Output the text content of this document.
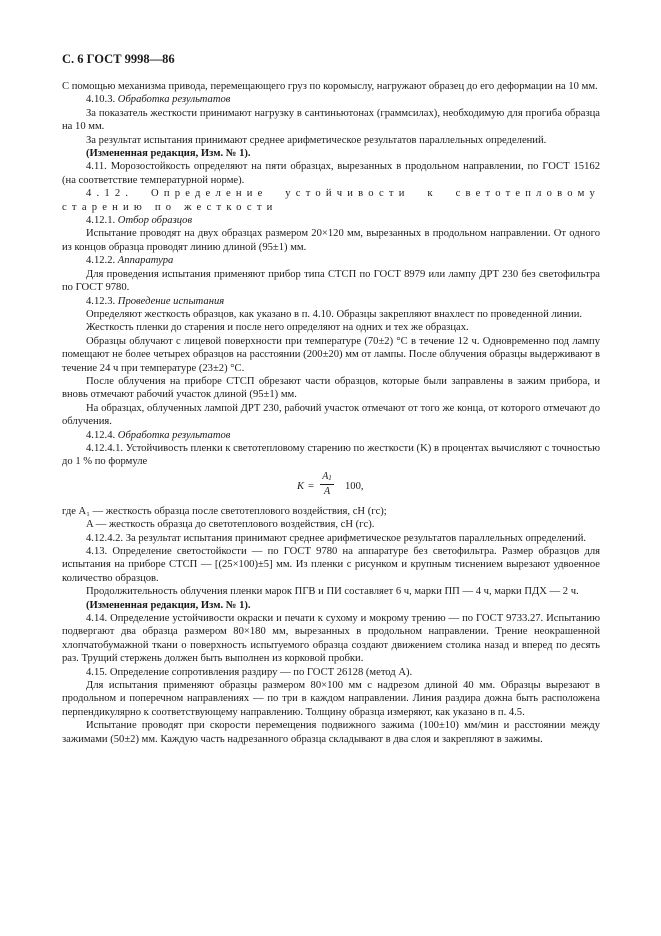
С. 6 ГОСТ 9998—86

С помощью механизма привода, перемещающего груз по коромыслу, нагружают образец до его деформации на 10 мм.

4.10.3. Обработка результатов

За показатель жесткости принимают нагрузку в сантиньютонах (граммсилах), необходимую для прогиба образца на 10 мм.

За результат испытания принимают среднее арифметическое результатов параллельных определений.

(Измененная редакция, Изм. № 1).

4.11. Морозостойкость определяют на пяти образцах, вырезанных в продольном направлении, по ГОСТ 15162 (на соответствие температурной норме).

4.12. Определение устойчивости к светотепловому старению по жесткости

4.12.1. Отбор образцов

Испытание проводят на двух образцах размером 20×120 мм, вырезанных в продольном направлении. От одного из концов образца проводят линию длиной (95±1) мм.

4.12.2. Аппаратура

Для проведения испытания применяют прибор типа СТСП по ГОСТ 8979 или лампу ДРТ 230 без светофильтра по ГОСТ 9780.

4.12.3. Проведение испытания

Определяют жесткость образцов, как указано в п. 4.10. Образцы закрепляют внахлест по проведенной линии.

Жесткость пленки до старения и после него определяют на одних и тех же образцах.

Образцы облучают с лицевой поверхности при температуре (70±2) °С в течение 12 ч. Одновременно под лампу помещают не более четырех образцов на расстоянии (200±20) мм от лампы. После облучения образцы выдерживают в течение 24 ч при температуре (23±2) °С.

После облучения на приборе СТСП обрезают части образцов, которые были заправлены в зажим прибора, и вновь отмечают рабочий участок длиной (95±1) мм.

На образцах, облученных лампой ДРТ 230, рабочий участок отмечают от того же конца, от которого отмечают до облучения.

4.12.4. Обработка результатов

4.12.4.1. Устойчивость пленки к светотепловому старению по жесткости (K) в процентах вычисляют с точностью до 1 % по формуле

$K = \frac{A_1}{A} 100$,

где A₁ — жесткость образца после светотеплового воздействия, сН (гс);

A — жесткость образца до светотеплового воздействия, сН (гс).

4.12.4.2. За результат испытания принимают среднее арифметическое результатов параллельных определений.

4.13. Определение светостойкости — по ГОСТ 9780 на аппаратуре без светофильтра. Размер образцов для испытания на приборе СТСП — [(25×100)±5] мм. Из пленки с рисунком и крупным тиснением вырезают удвоенное количество образцов.

Продолжительность облучения пленки марок ПГВ и ПИ составляет 6 ч, марки ПП — 4 ч, марки ПДХ — 2 ч.

(Измененная редакция, Изм. № 1).

4.14. Определение устойчивости окраски и печати к сухому и мокрому трению — по ГОСТ 9733.27. Испытанию подвергают два образца размером 80×180 мм, вырезанных в продольном направлении. Трение неокрашенной хлопчатобумажной ткани о поверхность испытуемого образца создают движением столика назад и вперед по десять раз. Трущий стержень должен быть выполнен из корковой пробки.

4.15. Определение сопротивления раздиру — по ГОСТ 26128 (метод А).

Для испытания применяют образцы размером 80×100 мм с надрезом длиной 40 мм. Образцы вырезают в продольном и поперечном направлениях — по три в каждом направлении. Линия раздира дожна быть расположена перпендикулярно к соответствующему направлению. Толщину образца измеряют, как указано в п. 4.5.

Испытание проводят при скорости перемещения подвижного зажима (100±10) мм/мин и расстоянии между зажимами (50±2) мм. Каждую часть надрезанного образца складывают в два слоя и закрепляют в зажимы.
